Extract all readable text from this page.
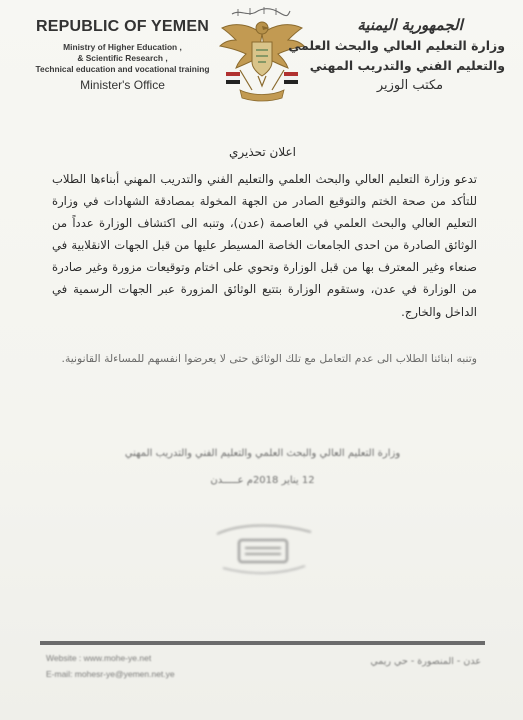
REPUBLIC OF YEMEN
Ministry of Higher Education ,
& Scientific Research ,
Technical education and vocational training
Minister's Office
الجمهورية اليمنية
وزارة التعليم العالي والبحث العلمي
والتعليم الفني والتدريب المهني
مكتب الوزير
اعلان تحذيري
تدعو وزارة التعليم العالي والبحث العلمي والتعليم الفني والتدريب المهني أبناءها الطلاب للتأكد من صحة الختم والتوقيع الصادر من الجهة المخولة بمصادقة الشهادات في وزارة التعليم العالي والبحث العلمي في العاصمة (عدن)، وتنبه الى اكتشاف الوزارة عدداً من الوثائق الصادرة من احدى الجامعات الخاصة المسيطر عليها من قبل الجهات الانقلابية في صنعاء وغير المعترف بها من قبل الوزارة وتحوي على اختام وتوقيعات مزورة وغير صادرة من الوزارة في عدن، وستقوم الوزارة بتتبع الوثائق المزورة عبر الجهات الرسمية في الداخل والخارج.
وتنبه ابنائنا الطلاب الى عدم التعامل مع تلك الوثائق حتى لا يعرضوا انفسهم للمساءلة القانونية.
وزارة التعليم العالي والبحث العلمي والتعليم الفني والتدريب المهني
12 يناير 2018م عـــــدن
Website : www.mohe-ye.net
E-mail: mohesr-ye@yemen.net.ye
عدن - المنصورة - حي ريمي
